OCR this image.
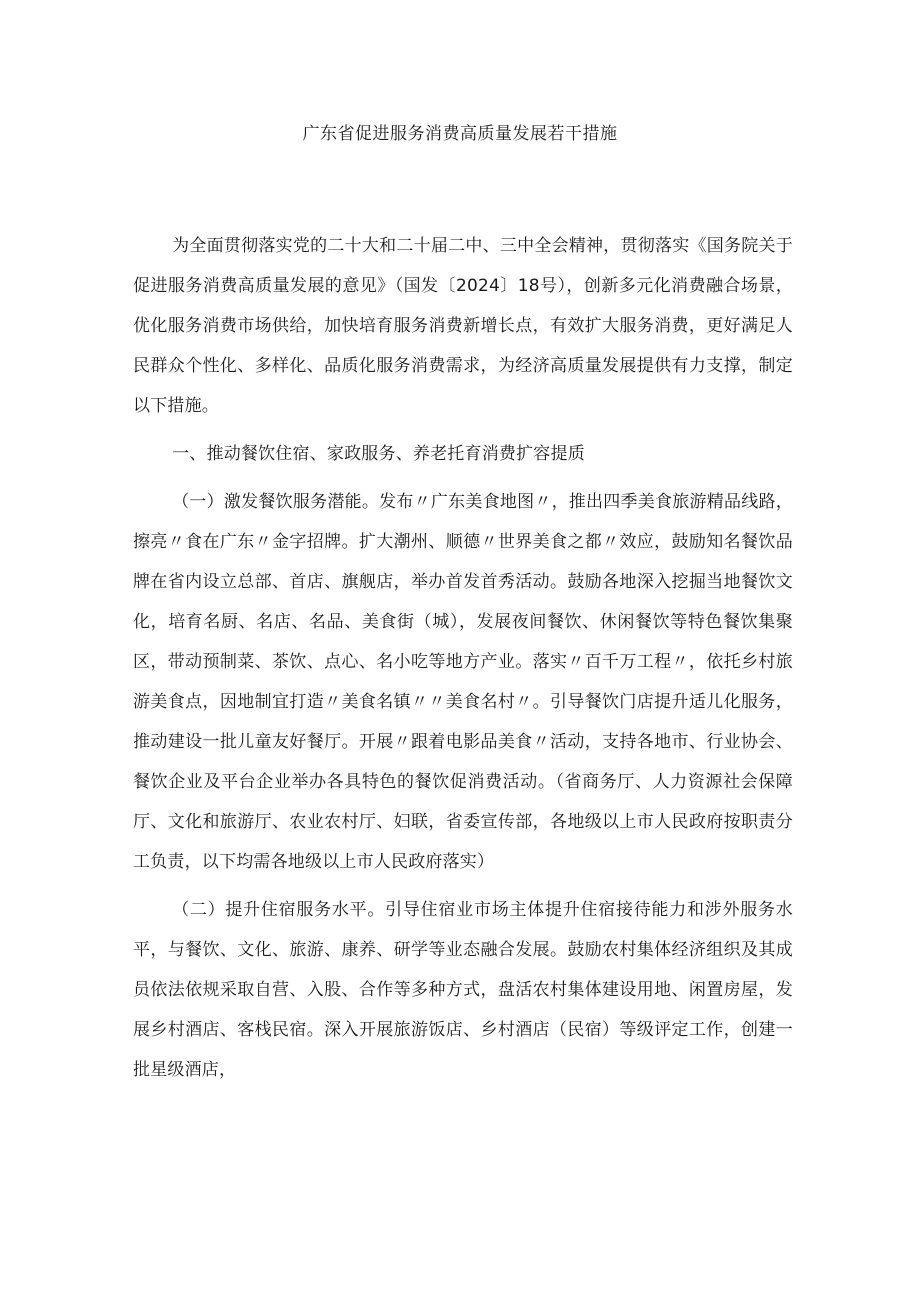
广东省促进服务消费高质量发展若干措施

为全面贯彻落实党的二十大和二十届二中、三中全会精神，贯彻落实《国务院关于促进服务消费高质量发展的意见》（国发〔2024〕18号），创新多元化消费融合场景，优化服务消费市场供给，加快培育服务消费新增长点，有效扩大服务消费，更好满足人民群众个性化、多样化、品质化服务消费需求，为经济高质量发展提供有力支撑，制定以下措施。

一、推动餐饮住宿、家政服务、养老托育消费扩容提质

（一）激发餐饮服务潜能。发布〃广东美食地图〃，推出四季美食旅游精品线路，擦亮〃食在广东〃金字招牌。扩大潮州、顺德〃世界美食之都〃效应，鼓励知名餐饮品牌在省内设立总部、首店、旗舰店，举办首发首秀活动。鼓励各地深入挖掘当地餐饮文化，培育名厨、名店、名品、美食街（城），发展夜间餐饮、休闲餐饮等特色餐饮集聚区，带动预制菜、茶饮、点心、名小吃等地方产业。落实〃百千万工程〃，依托乡村旅游美食点，因地制宜打造〃美食名镇〃〃美食名村〃。引导餐饮门店提升适儿化服务，推动建设一批儿童友好餐厅。开展〃跟着电影品美食〃活动，支持各地市、行业协会、餐饮企业及平台企业举办各具特色的餐饮促消费活动。（省商务厅、人力资源社会保障厅、文化和旅游厅、农业农村厅、妇联，省委宣传部，各地级以上市人民政府按职责分工负责，以下均需各地级以上市人民政府落实）

（二）提升住宿服务水平。引导住宿业市场主体提升住宿接待能力和涉外服务水平，与餐饮、文化、旅游、康养、研学等业态融合发展。鼓励农村集体经济组织及其成员依法依规采取自营、入股、合作等多种方式，盘活农村集体建设用地、闲置房屋，发展乡村酒店、客栈民宿。深入开展旅游饭店、乡村酒店（民宿）等级评定工作，创建一批星级酒店，
